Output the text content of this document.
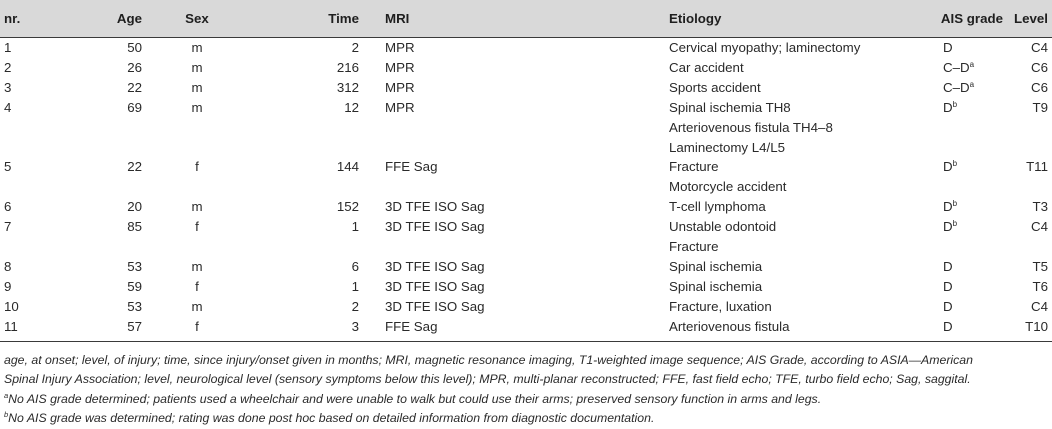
nr.	Age	Sex	Time	MRI	Etiology	AIS grade	Level
1	50	m	2	MPR	Cervical myopathy; laminectomy	D	C4
2	26	m	216	MPR	Car accident	$C-D^a$	C6
3	22	m	312	MPR	Sports accident	$C-D^a$	C6
4	69	m	12	MPR	Spinal ischemia TH8	$D^b$	T9
					Arteriovenous fistula TH4–8		
					Laminectomy L4/L5		
5	22	f	144	FFE Sag	Fracture	$D^b$	T11
					Motorcycle accident		
6	20	m	152	3D TFE ISO Sag	T-cell lymphoma	$D^b$	T3
7	85	f	1	3D TFE ISO Sag	Unstable odontoid	$D^b$	C4
					Fracture		
8	53	m	6	3D TFE ISO Sag	Spinal ischemia	D	T5
9	59	f	1	3D TFE ISO Sag	Spinal ischemia	D	T6
10	53	m	2	3D TFE ISO Sag	Fracture, luxation	D	C4
11	57	f	3	FFE Sag	Arteriovenous fistula	D	T10
age, at onset; level, of injury; time, since injury/onset given in months; MRI, magnetic resonance imaging, T1-weighted image sequence; AIS Grade, according to ASIA—American
Spinal Injury Association; level, neurological level (sensory symptoms below this level); MPR, multi-planar reconstructed; FFE, fast field echo; TFE, turbo field echo; Sag, saggital.
$^a$No AIS grade determined; patients used a wheelchair and were unable to walk but could use their arms; preserved sensory function in arms and legs.
$^b$No AIS grade was determined; rating was done post hoc based on detailed information from diagnostic documentation.
